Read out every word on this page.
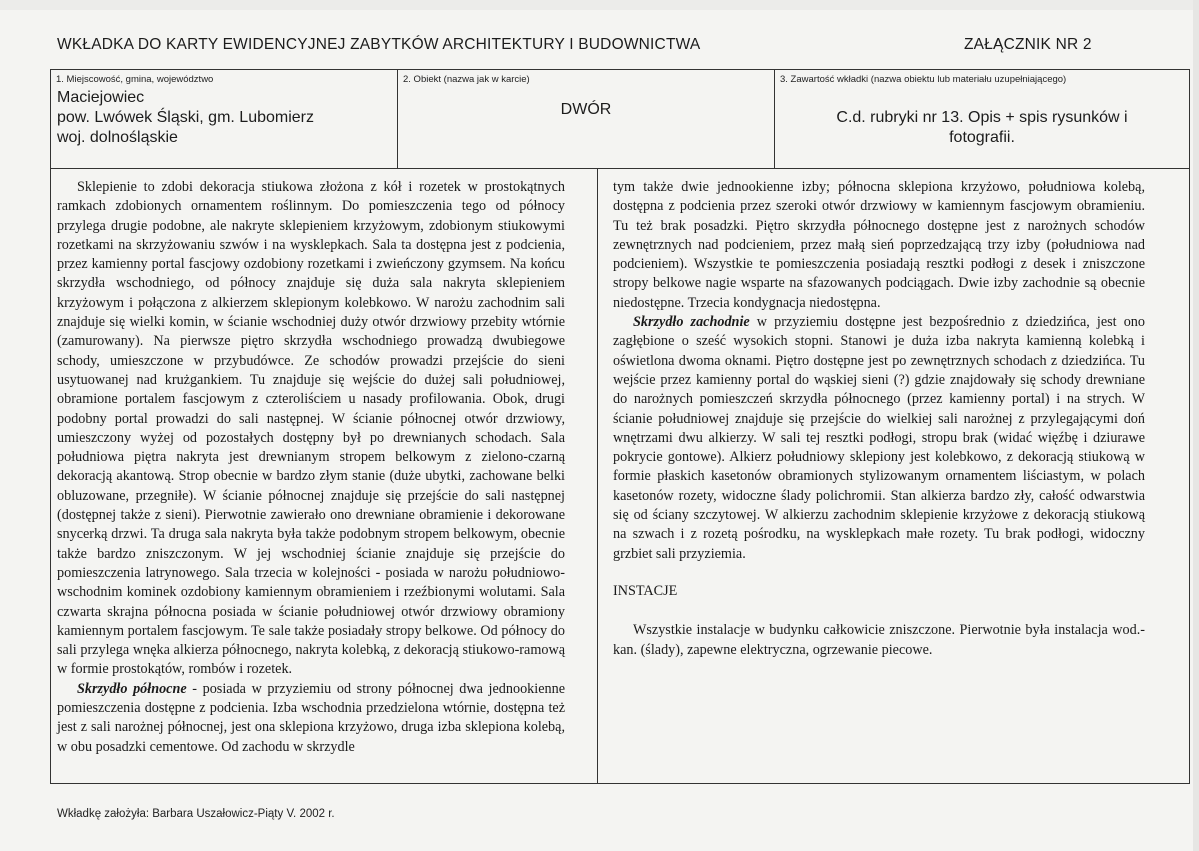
WKŁADKA DO KARTY EWIDENCYJNEJ ZABYTKÓW ARCHITEKTURY I BUDOWNICTWA	ZAŁĄCZNIK NR 2
1. Miejscowość, gmina, województwo
Maciejowiec
pow. Lwówek Śląski, gm. Lubomierz
woj. dolnośląskie
2. Obiekt (nazwa jak w karcie)
DWÓR
3. Zawartość wkładki (nazwa obiektu lub materiału uzupełniającego)
C.d. rubryki nr 13. Opis + spis rysunków i fotografii.

Sklepienie to zdobi dekoracja stiukowa złożona z kół i rozetek w prostokątnych ramkach zdobionych ornamentem roślinnym. Do pomieszczenia tego od północy przylega drugie podobne, ale nakryte sklepieniem krzyżowym, zdobionym stiukowymi rozetkami na skrzyżowaniu szwów i na wysklepkach. Sala ta dostępna jest z podcienia, przez kamienny portal fascjowy ozdobiony rozetkami i zwieńczony gzymsem. Na końcu skrzydła wschodniego, od północy znajduje się duża sala nakryta sklepieniem krzyżowym i połączona z alkierzem sklepionym kolebkowo. W narożu zachodnim sali znajduje się wielki komin, w ścianie wschodniej duży otwór drzwiowy przebity wtórnie (zamurowany). Na pierwsze piętro skrzydła wschodniego prowadzą dwubiegowe schody, umieszczone w przybudówce. Ze schodów prowadzi przejście do sieni usytuowanej nad krużgankiem. Tu znajduje się wejście do dużej sali południowej, obramione portalem fascjowym z czteroliściem u nasady profilowania. Obok, drugi podobny portal prowadzi do sali następnej. W ścianie północnej otwór drzwiowy, umieszczony wyżej od pozostałych dostępny był po drewnianych schodach. Sala południowa piętra nakryta jest drewnianym stropem belkowym z zielono-czarną dekoracją akantową. Strop obecnie w bardzo złym stanie (duże ubytki, zachowane belki obluzowane, przegniłe). W ścianie północnej znajduje się przejście do sali następnej (dostępnej także z sieni). Pierwotnie zawierało ono drewniane obramienie i dekorowane snycerką drzwi. Ta druga sala nakryta była także podobnym stropem belkowym, obecnie także bardzo zniszczonym. W jej wschodniej ścianie znajduje się przejście do pomieszczenia latrynowego. Sala trzecia w kolejności - posiada w narożu południowo-wschodnim kominek ozdobiony kamiennym obramieniem i rzeźbionymi wolutami. Sala czwarta skrajna północna posiada w ścianie południowej otwór drzwiowy obramiony kamiennym portalem fascjowym. Te sale także posiadały stropy belkowe. Od północy do sali przylega wnęka alkierza północnego, nakryta kolebką, z dekoracją stiukowo-ramową w formie prostokątów, rombów i rozetek.

Skrzydło północne - posiada w przyziemiu od strony północnej dwa jednookienne pomieszczenia dostępne z podcienia. Izba wschodnia przedzielona wtórnie, dostępna też jest z sali narożnej północnej, jest ona sklepiona krzyżowo, druga izba sklepiona kolebą, w obu posadzki cementowe. Od zachodu w skrzydle

tym także dwie jednookienne izby; północna sklepiona krzyżowo, południowa kolebą, dostępna z podcienia przez szeroki otwór drzwiowy w kamiennym fascjowym obramieniu. Tu też brak posadzki. Piętro skrzydła północnego dostępne jest z narożnych schodów zewnętrznych nad podcieniem, przez małą sień poprzedzającą trzy izby (południowa nad podcieniem). Wszystkie te pomieszczenia posiadają resztki podłogi z desek i zniszczone stropy belkowe nagie wsparte na sfazowanych podciągach. Dwie izby zachodnie są obecnie niedostępne. Trzecia kondygnacja niedostępna.

Skrzydło zachodnie w przyziemiu dostępne jest bezpośrednio z dziedzińca, jest ono zagłębione o sześć wysokich stopni. Stanowi je duża izba nakryta kamienną kolebką i oświetlona dwoma oknami. Piętro dostępne jest po zewnętrznych schodach z dziedzińca. Tu wejście przez kamienny portal do wąskiej sieni (?) gdzie znajdowały się schody drewniane do narożnych pomieszczeń skrzydła północnego (przez kamienny portal) i na strych. W ścianie południowej znajduje się przejście do wielkiej sali narożnej z przylegającymi doń wnętrzami dwu alkierzy. W sali tej resztki podłogi, stropu brak (widać więźbę i dziurawe pokrycie gontowe). Alkierz południowy sklepiony jest kolebkowo, z dekoracją stiukową w formie płaskich kasetonów obramionych stylizowanym ornamentem liściastym, w polach kasetonów rozety, widoczne ślady polichromii. Stan alkierza bardzo zły, całość odwarstwia się od ściany szczytowej. W alkierzu zachodnim sklepienie krzyżowe z dekoracją stiukową na szwach i z rozetą pośrodku, na wysklepkach małe rozety. Tu brak podłogi, widoczny grzbiet sali przyziemia.

INSTACJE

Wszystkie instalacje w budynku całkowicie zniszczone. Pierwotnie była instalacja wod.-kan. (ślady), zapewne elektryczna, ogrzewanie piecowe.

Wkładkę założyła: Barbara Uszałowicz-Piąty V. 2002 r.
